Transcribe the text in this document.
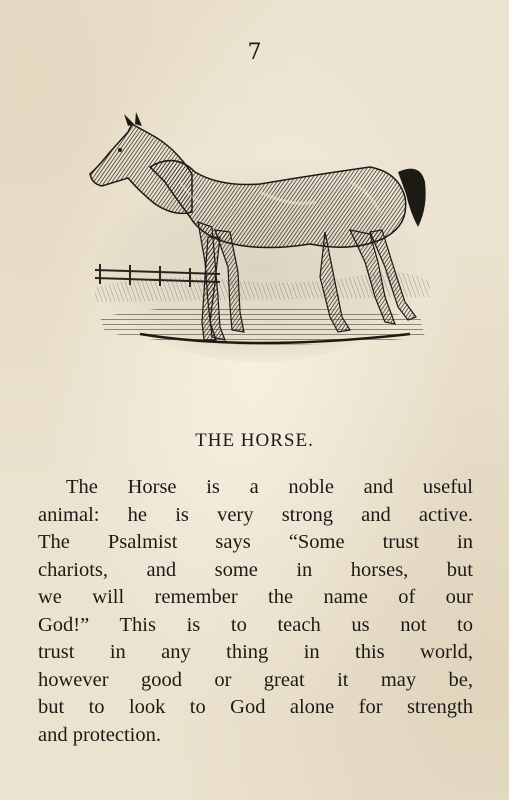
7

THE HORSE.
The Horse is a noble and useful
animal: he is very strong and active.
The Psalmist says “Some trust in
chariots, and some in horses, but
we will remember the name of our
God!” This is to teach us not to
trust in any thing in this world,
however good or great it may be,
but to look to God alone for strength
and protection.
